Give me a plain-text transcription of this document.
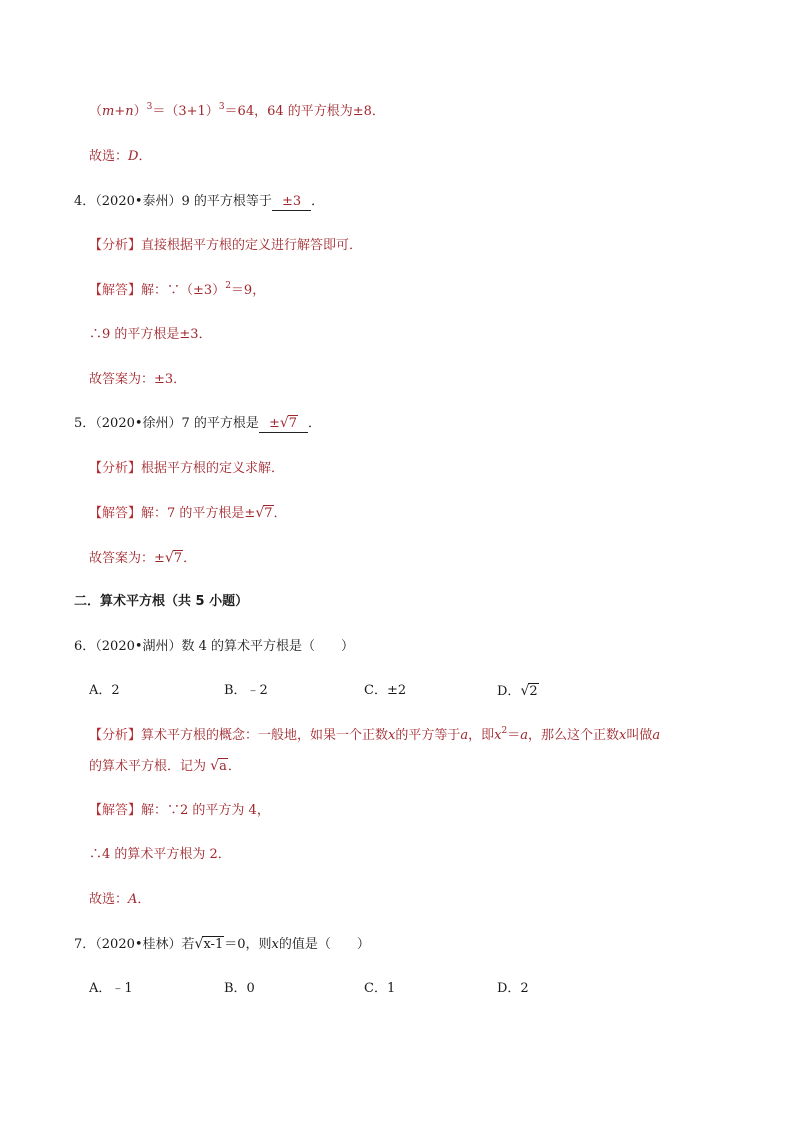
$(m+n)^3=(3+1)^3=64$，64 的平方根为±8．
故选：D．
4．（2020•泰州）9 的平方根等于 ±3 ．
【分析】直接根据平方根的定义进行解答即可．
【解答】解：$\because(\pm 3)^2=9$，
∴9 的平方根是±3．
故答案为：±3．
5．（2020•徐州）7 的平方根是 ±√7 ．
【分析】根据平方根的定义求解．
【解答】解：7 的平方根是±√7．
故答案为：±√7．
二．算术平方根（共 5 小题）
6．（2020•湖州）数 4 的算术平方根是（　　）
A．2	B．﹣2	C．±2	D．√2
【分析】算术平方根的概念：一般地，如果一个正数x的平方等于a，即$x^2=a$，那么这个正数x叫做a
的算术平方根．记为 √a．
【解答】解：∵2 的平方为 4，
∴4 的算术平方根为 2．
故选：A．
7．（2020•桂林）若√x-1＝0，则x的值是（　　）
A．﹣1	B．0	C．1	D．2
